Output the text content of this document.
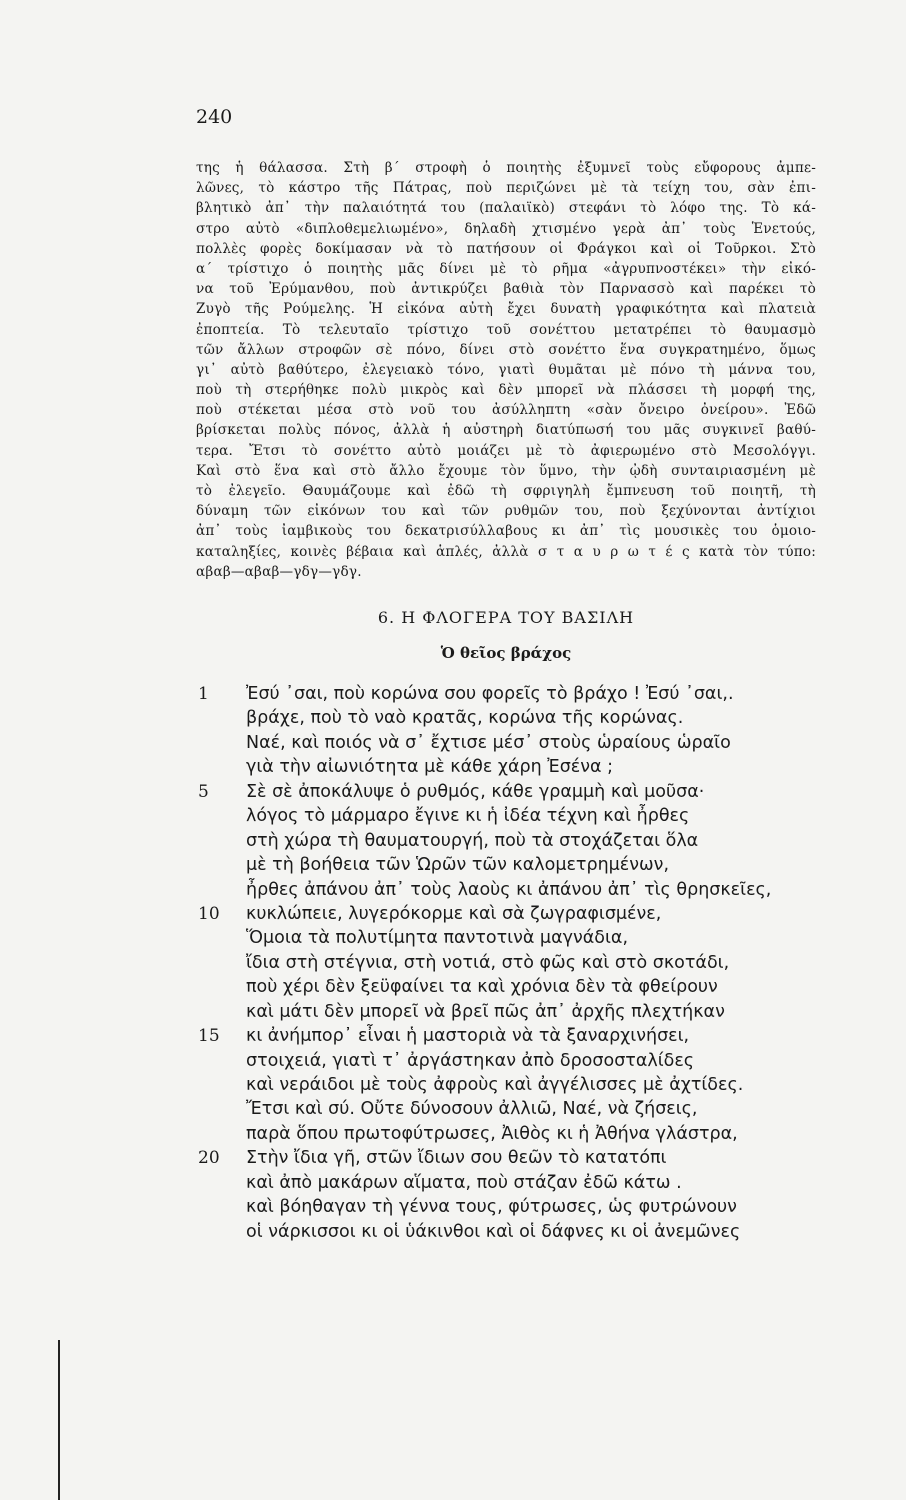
240
της ἡ θάλασσα. Στὴ β΄ στροφὴ ὁ ποιητὴς ἐξυμνεῖ τοὺς εὔφορους ἀμπε-
λῶνες, τὸ κάστρο τῆς Πάτρας, ποὺ περιζώνει μὲ τὰ τείχη του, σὰν ἐπι-
βλητικὸ ἀπ᾿ τὴν παλαιότητά του (παλαιϊκὸ) στεφάνι τὸ λόφο της. Τὸ κά-
στρο αὐτὸ «διπλοθεμελιωμένο», δηλαδὴ χτισμένο γερὰ ἀπ᾿ τοὺς Ἑνετούς,
πολλὲς φορὲς δοκίμασαν νὰ τὸ πατήσουν οἱ Φράγκοι καὶ οἱ Τοῦρκοι. Στὸ
α΄ τρίστιχο ὁ ποιητὴς μᾶς δίνει μὲ τὸ ρῆμα «ἀγρυπνοστέκει» τὴν εἰκό-
να τοῦ Ἐρύμανθου, ποὺ ἀντικρύζει βαθιὰ τὸν Παρνασσὸ καὶ παρέκει τὸ
Ζυγὸ τῆς Ρούμελης. Ἡ εἰκόνα αὐτὴ ἔχει δυνατὴ γραφικότητα καὶ πλατειὰ
ἐποπτεία. Τὸ τελευταῖο τρίστιχο τοῦ σονέττου μετατρέπει τὸ θαυμασμὸ
τῶν ἄλλων στροφῶν σὲ πόνο, δίνει στὸ σονέττο ἕνα συγκρατημένο, ὅμως
γι᾿ αὐτὸ βαθύτερο, ἐλεγειακὸ τόνο, γιατὶ θυμᾶται μὲ πόνο τὴ μάννα του,
ποὺ τὴ στερήθηκε πολὺ μικρὸς καὶ δὲν μπορεῖ νὰ πλάσσει τὴ μορφή της,
ποὺ στέκεται μέσα στὸ νοῦ του ἀσύλληπτη «σὰν ὄνειρο ὀνείρου». Ἐδῶ
βρίσκεται πολὺς πόνος, ἀλλὰ ἡ αὐστηρὴ διατύπωσή του μᾶς συγκινεῖ βαθύ-
τερα. Ἔτσι τὸ σονέττο αὐτὸ μοιάζει μὲ τὸ ἀφιερωμένο στὸ Μεσολόγγι.
Καὶ στὸ ἕνα καὶ στὸ ἄλλο ἔχουμε τὸν ὕμνο, τὴν ᾠδὴ συνταιριασμένη μὲ
τὸ ἐλεγεῖο. Θαυμάζουμε καὶ ἐδῶ τὴ σφριγηλὴ ἔμπνευση τοῦ ποιητῆ, τὴ
δύναμη τῶν εἰκόνων του καὶ τῶν ρυθμῶν του, ποὺ ξεχύνονται ἀντίχιοι
ἀπ᾿ τοὺς ἰαμβικοὺς του δεκατρισύλλαβους κι ἀπ᾿ τὶς μουσικὲς του ὁμοιο-
καταληξίες, κοινὲς βέβαια καὶ ἁπλές, ἀλλὰ σ τ α υ ρ ω τ έ ς κατὰ τὸν τύπο:
αβαβ—αβαβ—γδγ—γδγ.
6. Η ΦΛΟΓΕΡΑ ΤΟΥ ΒΑΣΙΛΗ
Ὁ θεῖος βράχος
1 Ἐσύ ᾿σαι, ποὺ κορώνα σου φορεῖς τὸ βράχο ! Ἐσύ ᾿σαι,.
βράχε, ποὺ τὸ ναὸ κρατᾶς, κορώνα τῆς κορώνας.
Ναέ, καὶ ποιός νὰ σ᾿ ἔχτισε μέσ᾿ στοὺς ὡραίους ὡραῖο
γιὰ τὴν αἰωνιότητα μὲ κάθε χάρη Ἐσένα ;
5 Σὲ σὲ ἀποκάλυψε ὁ ρυθμός, κάθε γραμμὴ καὶ μοῦσα·
λόγος τὸ μάρμαρο ἔγινε κι ἡ ἰδέα τέχνη καὶ ἦρθες
στὴ χώρα τὴ θαυματουργή, ποὺ τὰ στοχάζεται ὅλα
μὲ τὴ βοήθεια τῶν Ὡρῶν τῶν καλομετρημένων,
ἦρθες ἀπάνου ἀπ᾿ τοὺς λαοὺς κι ἀπάνου ἀπ᾿ τὶς θρησκεῖες,
10 κυκλώπειε, λυγερόκορμε καὶ σὰ ζωγραφισμένε,
Ὅμοια τὰ πολυτίμητα παντοτινὰ μαγνάδια,
ἴδια στὴ στέγνια, στὴ νοτιά, στὸ φῶς καὶ στὸ σκοτάδι,
ποὺ χέρι δὲν ξεϋφαίνει τα καὶ χρόνια δὲν τὰ φθείρουν
καὶ μάτι δὲν μπορεῖ νὰ βρεῖ πῶς ἀπ᾿ ἀρχῆς πλεχτήκαν
15 κι ἀνήμπορ᾿ εἶναι ἡ μαστοριὰ νὰ τὰ ξαναρχινήσει,
στοιχειά, γιατὶ τ᾿ ἀργάστηκαν ἀπὸ δροσοσταλίδες
καὶ νεράιδοι μὲ τοὺς ἀφροὺς καὶ ἀγγέλισσες μὲ ἀχτίδες.
Ἔτσι καὶ σύ. Οὔτε δύνοσουν ἀλλιῶ, Ναέ, νὰ ζήσεις,
παρὰ ὅπου πρωτοφύτρωσες, Ἀιθὸς κι ἡ Ἀθήνα γλάστρα,
20 Στὴν ἴδια γῆ, στῶν ἴδιων σου θεῶν τὸ κατατόπι
καὶ ἀπὸ μακάρων αἵματα, ποὺ στάζαν ἐδῶ κάτω .
καὶ βόηθαγαν τὴ γέννα τους, φύτρωσες, ὡς φυτρώνουν
οἱ νάρκισσοι κι οἱ ὑάκινθοι καὶ οἱ δάφνες κι οἱ ἀνεμῶνες
